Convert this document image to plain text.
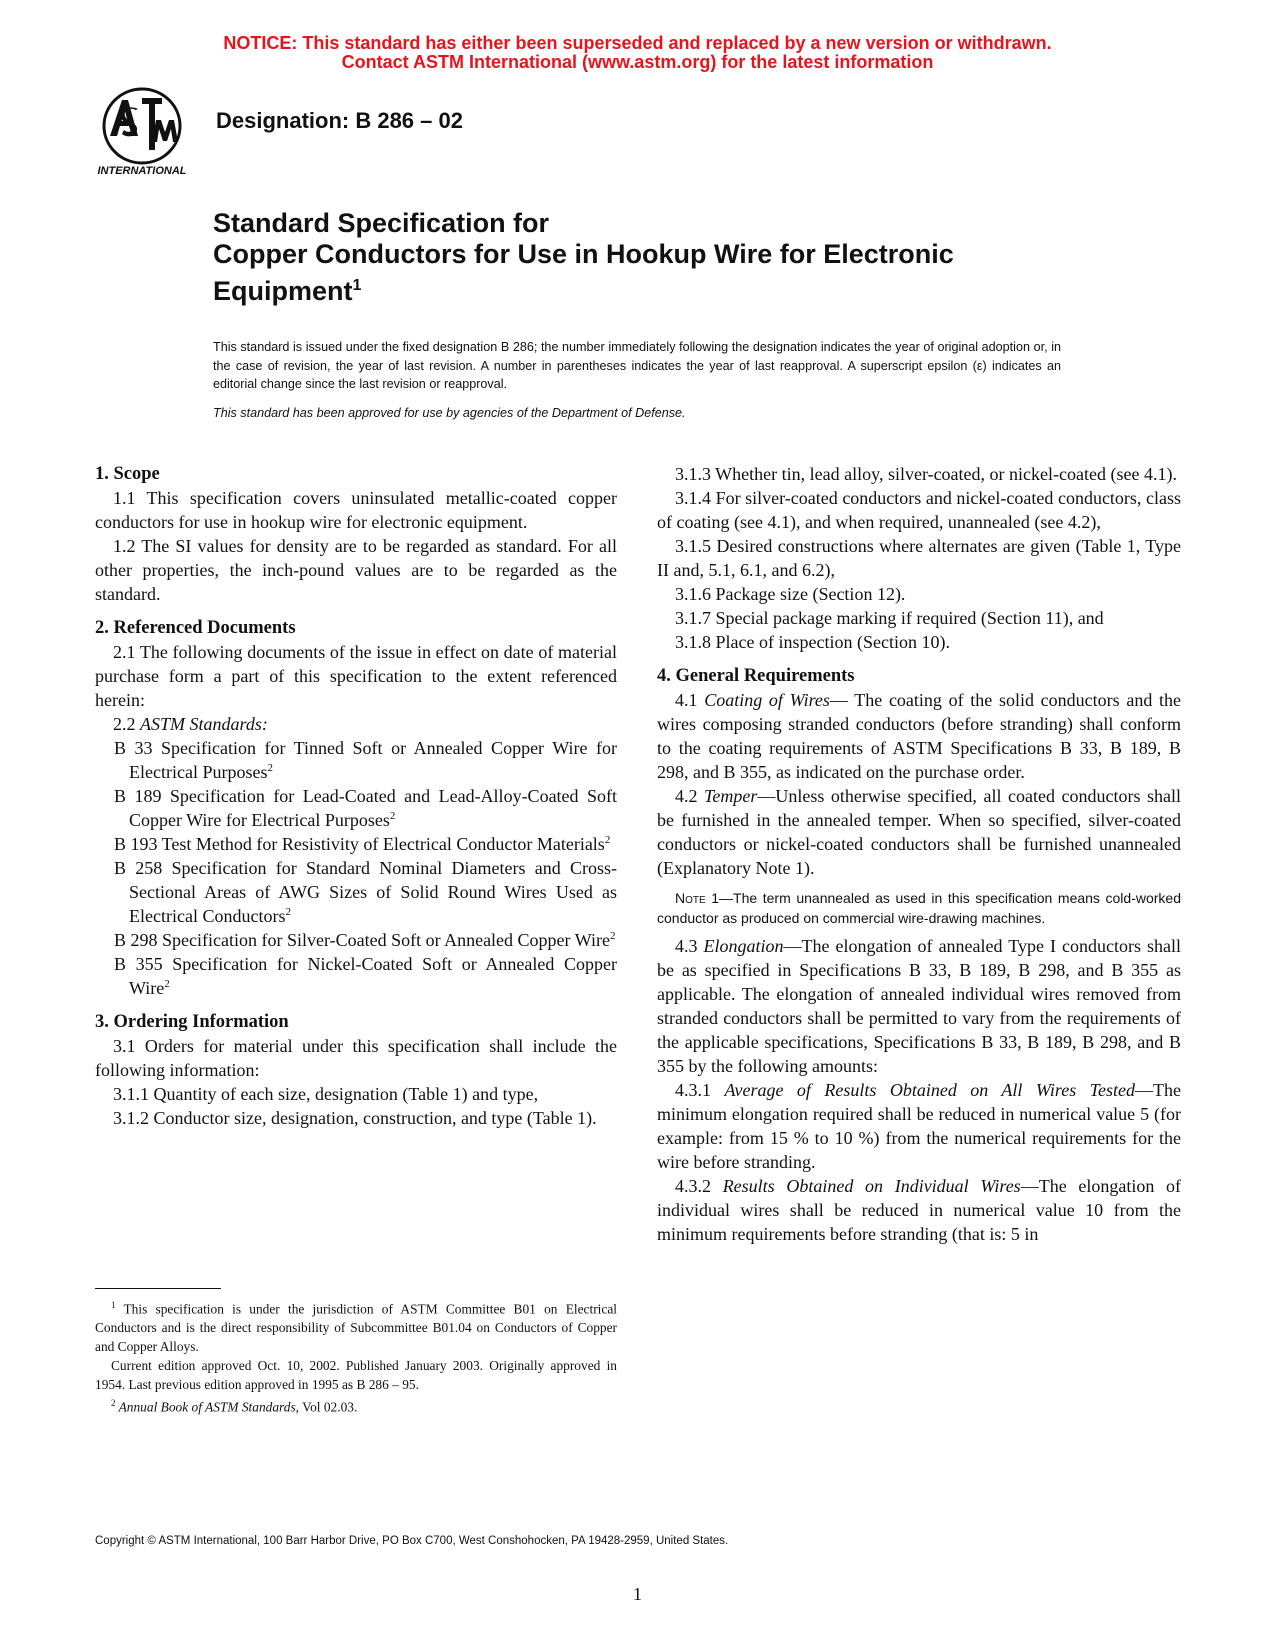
NOTICE: This standard has either been superseded and replaced by a new version or withdrawn.
Contact ASTM International (www.astm.org) for the latest information
INTERNATIONAL
Designation: B 286 – 02
Standard Specification for
Copper Conductors for Use in Hookup Wire for Electronic
Equipment$^1$
This standard is issued under the fixed designation B 286; the number immediately following the designation indicates the year of original adoption or, in the case of revision, the year of last revision. A number in parentheses indicates the year of last reapproval. A superscript epsilon (ε) indicates an editorial change since the last revision or reapproval.
This standard has been approved for use by agencies of the Department of Defense.
1. Scope

1.1 This specification covers uninsulated metallic-coated copper conductors for use in hookup wire for electronic equipment.

1.2 The SI values for density are to be regarded as standard. For all other properties, the inch-pound values are to be regarded as the standard.

2. Referenced Documents

2.1 The following documents of the issue in effect on date of material purchase form a part of this specification to the extent referenced herein:

2.2 ASTM Standards:

B 33 Specification for Tinned Soft or Annealed Copper Wire for Electrical Purposes$^2$

B 189 Specification for Lead-Coated and Lead-Alloy-Coated Soft Copper Wire for Electrical Purposes$^2$

B 193 Test Method for Resistivity of Electrical Conductor Materials$^2$

B 258 Specification for Standard Nominal Diameters and Cross-Sectional Areas of AWG Sizes of Solid Round Wires Used as Electrical Conductors$^2$

B 298 Specification for Silver-Coated Soft or Annealed Copper Wire$^2$

B 355 Specification for Nickel-Coated Soft or Annealed Copper Wire$^2$

3. Ordering Information

3.1 Orders for material under this specification shall include the following information:

3.1.1 Quantity of each size, designation (Table 1) and type,

3.1.2 Conductor size, designation, construction, and type (Table 1).

3.1.3 Whether tin, lead alloy, silver-coated, or nickel-coated (see 4.1).

3.1.4 For silver-coated conductors and nickel-coated conductors, class of coating (see 4.1), and when required, unannealed (see 4.2),

3.1.5 Desired constructions where alternates are given (Table 1, Type II and, 5.1, 6.1, and 6.2),

3.1.6 Package size (Section 12).

3.1.7 Special package marking if required (Section 11), and

3.1.8 Place of inspection (Section 10).

4. General Requirements

4.1 Coating of Wires— The coating of the solid conductors and the wires composing stranded conductors (before stranding) shall conform to the coating requirements of ASTM Specifications B 33, B 189, B 298, and B 355, as indicated on the purchase order.

4.2 Temper—Unless otherwise specified, all coated conductors shall be furnished in the annealed temper. When so specified, silver-coated conductors or nickel-coated conductors shall be furnished unannealed (Explanatory Note 1).

Note 1—The term unannealed as used in this specification means cold-worked conductor as produced on commercial wire-drawing machines.

4.3 Elongation—The elongation of annealed Type I conductors shall be as specified in Specifications B 33, B 189, B 298, and B 355 as applicable. The elongation of annealed individual wires removed from stranded conductors shall be permitted to vary from the requirements of the applicable specifications, Specifications B 33, B 189, B 298, and B 355 by the following amounts:

4.3.1 Average of Results Obtained on All Wires Tested—The minimum elongation required shall be reduced in numerical value 5 (for example: from 15 % to 10 %) from the numerical requirements for the wire before stranding.

4.3.2 Results Obtained on Individual Wires—The elongation of individual wires shall be reduced in numerical value 10 from the minimum requirements before stranding (that is: 5 in

$^1$ This specification is under the jurisdiction of ASTM Committee B01 on Electrical Conductors and is the direct responsibility of Subcommittee B01.04 on Conductors of Copper and Copper Alloys.

Current edition approved Oct. 10, 2002. Published January 2003. Originally approved in 1954. Last previous edition approved in 1995 as B 286 – 95.

$^2$ Annual Book of ASTM Standards, Vol 02.03.

Copyright © ASTM International, 100 Barr Harbor Drive, PO Box C700, West Conshohocken, PA 19428-2959, United States.
1
